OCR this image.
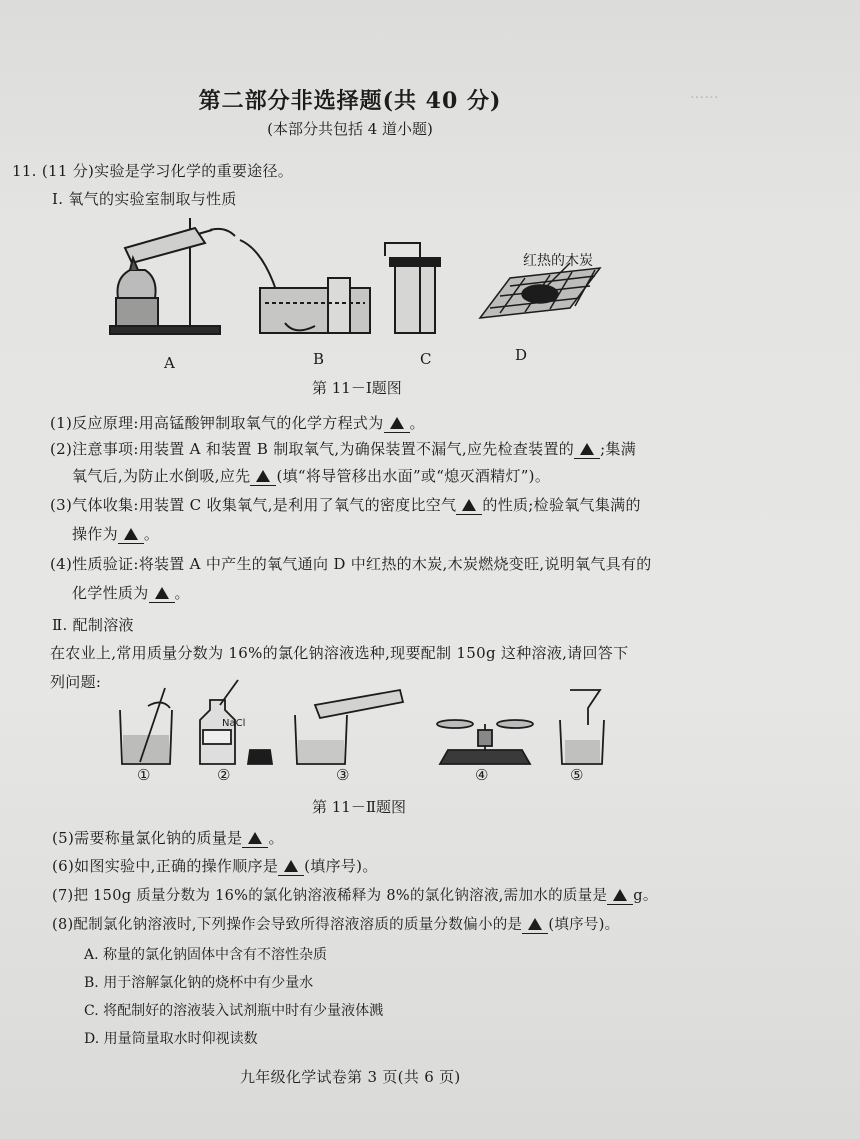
……
第二部分非选择题(共 40 分)
(本部分共包括 4 道小题)
11. (11 分)实验是学习化学的重要途径。
Ⅰ. 氧气的实验室制取与性质
红热的木炭
A	B	C	D
第 11－Ⅰ题图
(1)反应原理:用高锰酸钾制取氧气的化学方程式为 。
(2)注意事项:用装置 A 和装置 B 制取氧气,为确保装置不漏气,应先检查装置的 ;集满
氧气后,为防止水倒吸,应先 (填“将导管移出水面”或“熄灭酒精灯”)。
(3)气体收集:用装置 C 收集氧气,是利用了氧气的密度比空气 的性质;检验氧气集满的
操作为 。
(4)性质验证:将装置 A 中产生的氧气通向 D 中红热的木炭,木炭燃烧变旺,说明氧气具有的
化学性质为 。
Ⅱ. 配制溶液
在农业上,常用质量分数为 16%的氯化钠溶液选种,现要配制 150g 这种溶液,请回答下
列问题:
NaCl
①	②	③	④	⑤
第 11－Ⅱ题图
(5)需要称量氯化钠的质量是 。
(6)如图实验中,正确的操作顺序是 (填序号)。
(7)把 150g 质量分数为 16%的氯化钠溶液稀释为 8%的氯化钠溶液,需加水的质量是 g。
(8)配制氯化钠溶液时,下列操作会导致所得溶液溶质的质量分数偏小的是 (填序号)。
A. 称量的氯化钠固体中含有不溶性杂质
B. 用于溶解氯化钠的烧杯中有少量水
C. 将配制好的溶液装入试剂瓶中时有少量液体溅
D. 用量筒量取水时仰视读数
九年级化学试卷第 3 页(共 6 页)
